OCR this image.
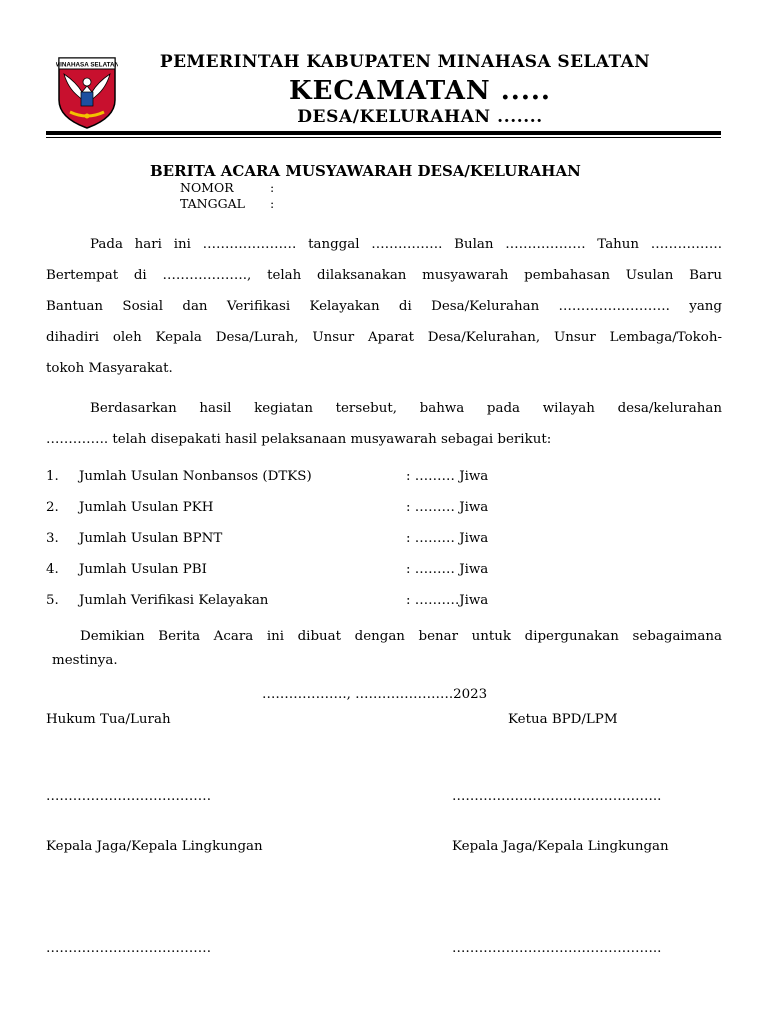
MINAHASA SELATAN	PEMERINTAH KABUPATEN MINAHASA SELATAN
KECAMATAN .....
DESA/KELURAHAN .......
BERITA ACARA MUSYAWARAH DESA/KELURAHAN
NOMOR	:
TANGGAL :
Pada hari ini ………………… tanggal ……………. Bulan ……………… Tahun …………….
Bertempat di ………………., telah dilaksanakan musyawarah pembahasan Usulan Baru
Bantuan Sosial dan Verifikasi Kelayakan di Desa/Kelurahan ……………………. yang
dihadiri oleh Kepala Desa/Lurah, Unsur Aparat Desa/Kelurahan, Unsur Lembaga/Tokoh-
tokoh Masyarakat.
Berdasarkan hasil kegiatan tersebut, bahwa pada wilayah desa/kelurahan
………….. telah disepakati hasil pelaksanaan musyawarah sebagai berikut:
1. Jumlah Usulan Nonbansos (DTKS)	: ……… Jiwa
2. Jumlah Usulan PKH	: ……… Jiwa
3. Jumlah Usulan BPNT	: ……… Jiwa
4. Jumlah Usulan PBI	: ……… Jiwa
5. Jumlah Verifikasi Kelayakan	: ……….Jiwa
Demikian Berita Acara ini dibuat dengan benar untuk dipergunakan sebagaimana
mestinya.
………………., ………………….2023
Hukum Tua/Lurah	Ketua BPD/LPM
……………………………….	………………………………………..
Kepala Jaga/Kepala Lingkungan	Kepala Jaga/Kepala Lingkungan
……………………………….	………………………………………..
